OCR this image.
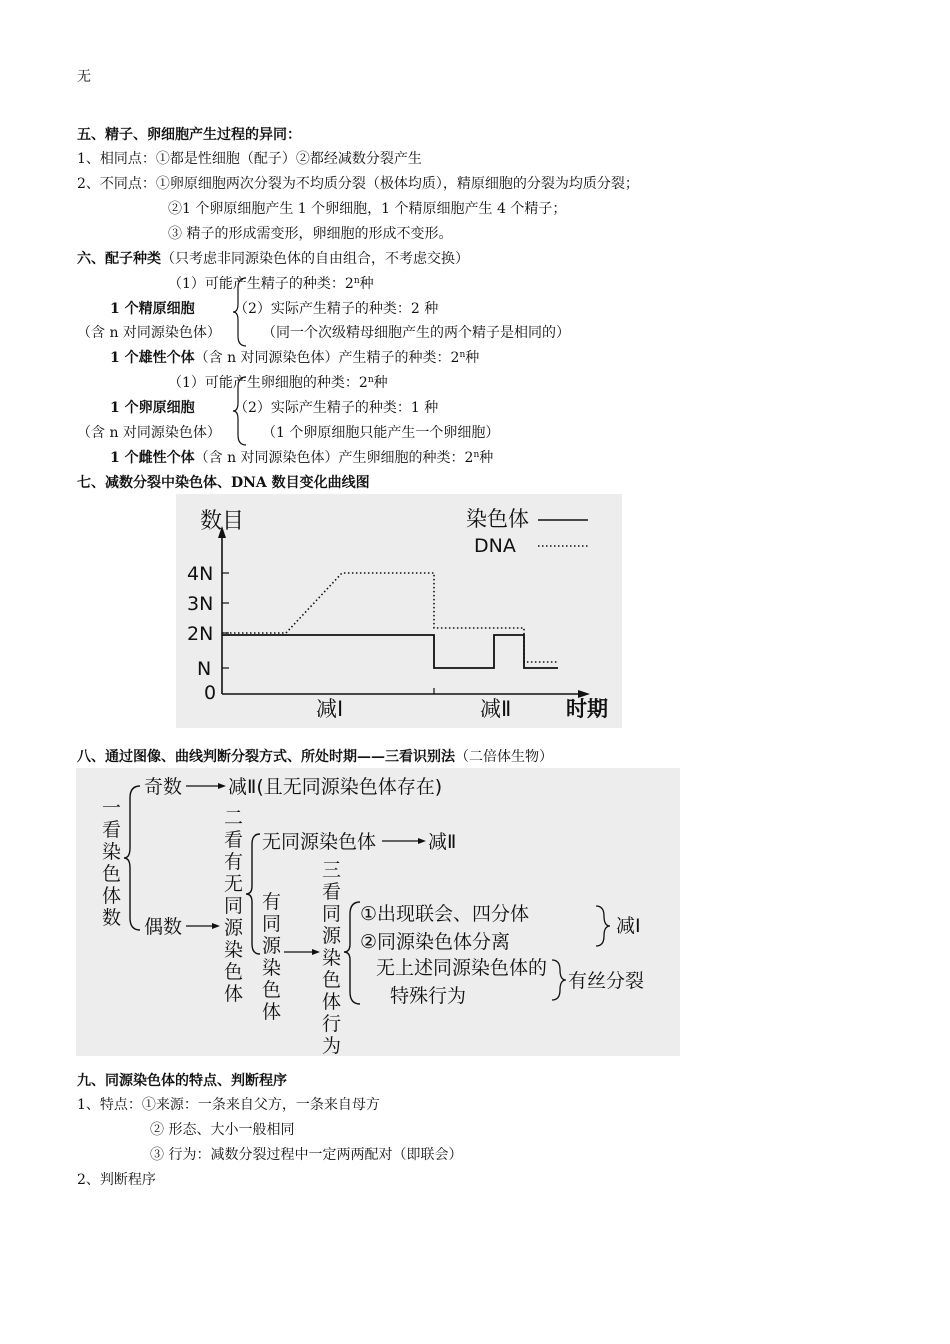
无
五、精子、卵细胞产生过程的异同：
1、相同点：①都是性细胞（配子）②都经减数分裂产生
2、不同点：①卵原细胞两次分裂为不均质分裂（极体均质），精原细胞的分裂为均质分裂；
②1 个卵原细胞产生 1 个卵细胞，1 个精原细胞产生 4 个精子；
③ 精子的形成需变形，卵细胞的形成不变形。
六、配子种类（只考虑非同源染色体的自由组合，不考虑交换）
（1）可能产生精子的种类：2$^n$种
1 个精原细胞	（2）实际产生精子的种类：2 种
（含 n 对同源染色体）	（同一个次级精母细胞产生的两个精子是相同的）
1 个雄性个体（含 n 对同源染色体）产生精子的种类：2$^n$种
（1）可能产生卵细胞的种类：2$^n$种
1 个卵原细胞	（2）实际产生精子的种类：1 种
（含 n 对同源染色体）	（1 个卵原细胞只能产生一个卵细胞）
1 个雌性个体（含 n 对同源染色体）产生卵细胞的种类：2$^n$种
七、减数分裂中染色体、DNA 数目变化曲线图
4N
3N
2N
N
0
数目
时期
减Ⅰ	减Ⅱ
染色体
DNA
八、通过图像、曲线判断分裂方式、所处时期——三看识别法（二倍体生物）
一
看
染
色
体
数
奇数 减Ⅱ(且无同源染色体存在)
偶数
二
看
有
无
同
源
染
色
体
无同源染色体	减Ⅱ
有
同
源
染
色
体
三
看
同
源
染
色
体
行
为
①出现联会、四分体
②同源染色体分离
减Ⅰ
无上述同源染色体的
特殊行为
有丝分裂
九、同源染色体的特点、判断程序
1、特点：①来源：一条来自父方，一条来自母方
② 形态、大小一般相同
③ 行为：减数分裂过程中一定两两配对（即联会）
2、判断程序
